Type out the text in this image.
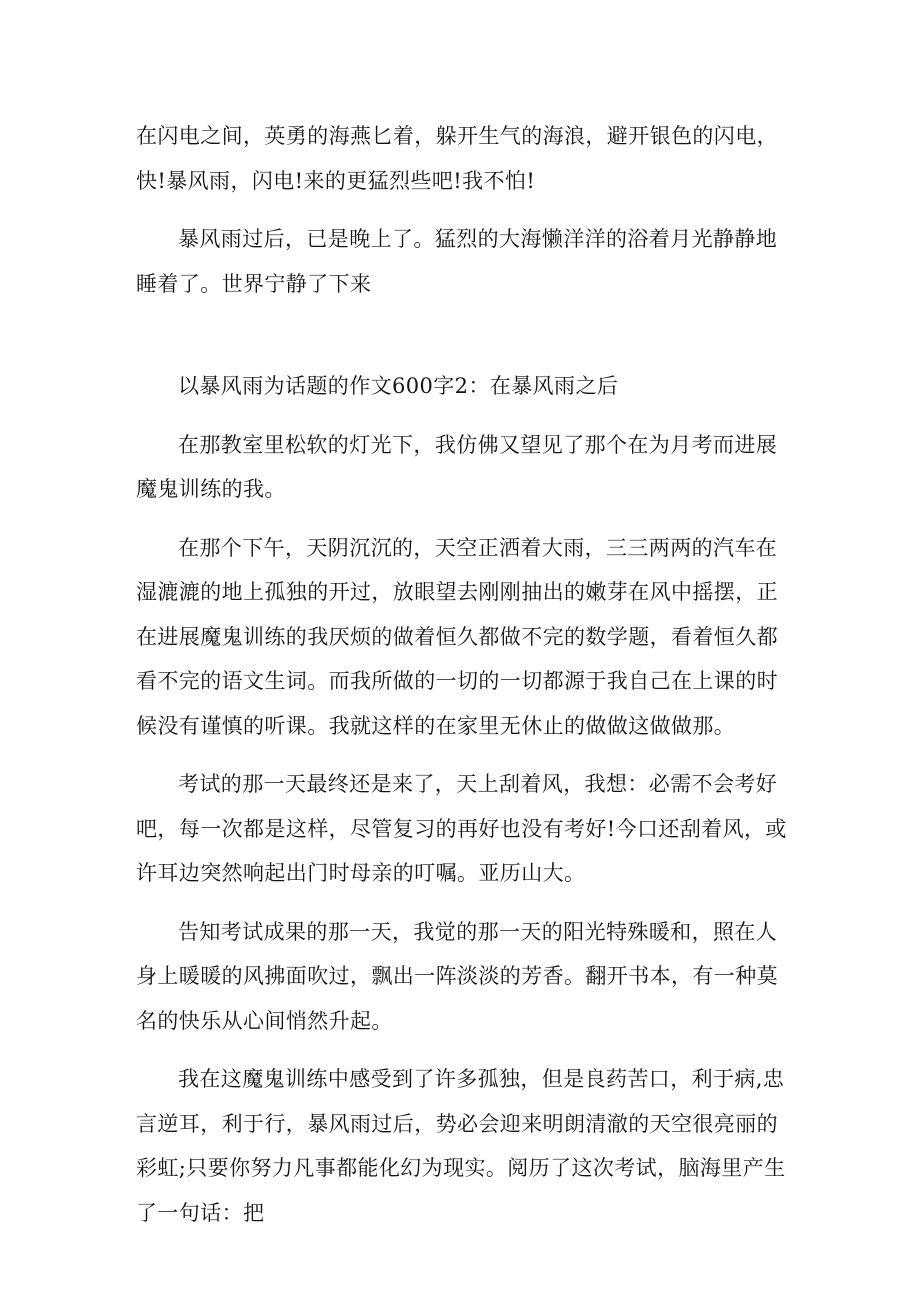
在闪电之间，英勇的海燕匕着，躲开生气的海浪，避开银色的闪电，快!暴风雨，闪电!来的更猛烈些吧!我不怕!

暴风雨过后，已是晚上了。猛烈的大海懒洋洋的浴着月光静静地睡着了。世界宁静了下来

以暴风雨为话题的作文600字2：在暴风雨之后

在那教室里松软的灯光下，我仿佛又望见了那个在为月考而进展魔鬼训练的我。

在那个下午，天阴沉沉的，天空正洒着大雨，三三两两的汽车在湿漉漉的地上孤独的开过，放眼望去刚刚抽出的嫩芽在风中摇摆，正在进展魔鬼训练的我厌烦的做着恒久都做不完的数学题，看着恒久都看不完的语文生词。而我所做的一切的一切都源于我自己在上课的时候没有谨慎的听课。我就这样的在家里无休止的做做这做做那。

考试的那一天最终还是来了，天上刮着风，我想：必需不会考好吧，每一次都是这样，尽管复习的再好也没有考好!今口还刮着风，或许耳边突然响起出门时母亲的叮嘱。亚历山大。

告知考试成果的那一天，我觉的那一天的阳光特殊暖和，照在人身上暖暖的风拂面吹过，飘出一阵淡淡的芳香。翻开书本，有一种莫名的快乐从心间悄然升起。

我在这魔鬼训练中感受到了许多孤独，但是良药苦口，利于病,忠言逆耳，利于行，暴风雨过后，势必会迎来明朗清澈的天空很亮丽的彩虹;只要你努力凡事都能化幻为现实。阅历了这次考试，脑海里产生了一句话：把
